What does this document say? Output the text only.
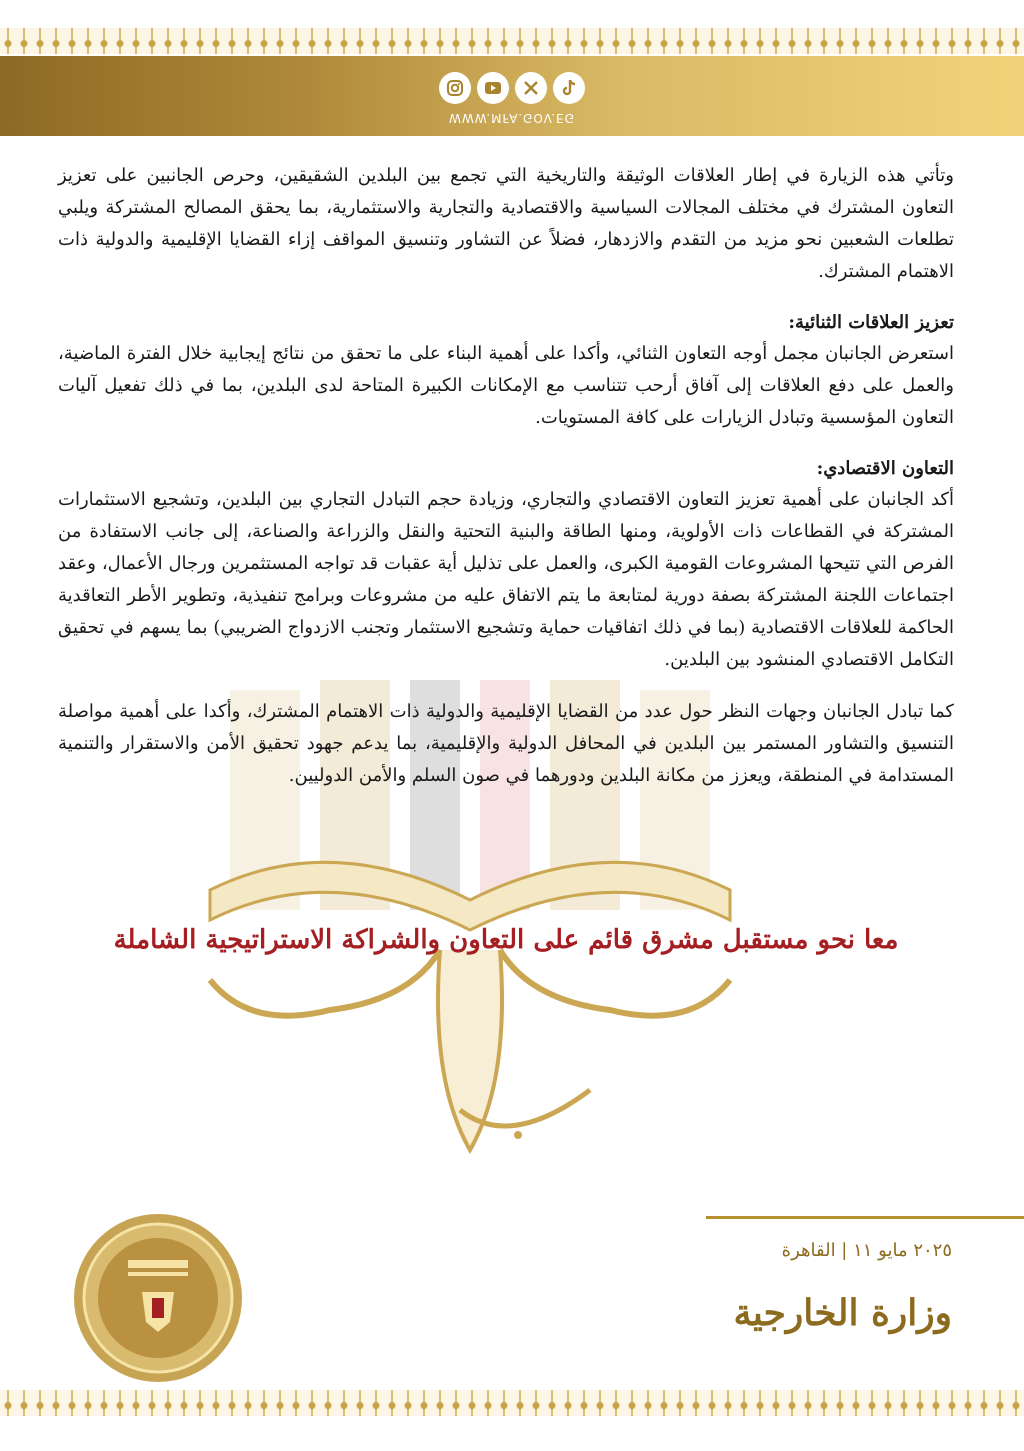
WWW.MFA.GOV.EG

وتأتي هذه الزيارة في إطار العلاقات الوثيقة والتاريخية التي تجمع بين البلدين الشقيقين، وحرص الجانبين على تعزيز التعاون المشترك في مختلف المجالات السياسية والاقتصادية والتجارية والاستثمارية، بما يحقق المصالح المشتركة ويلبي تطلعات الشعبين نحو مزيد من التقدم والازدهار، فضلاً عن التشاور وتنسيق المواقف إزاء القضايا الإقليمية والدولية ذات الاهتمام المشترك.

تعزيز العلاقات الثنائية:

استعرض الجانبان مجمل أوجه التعاون الثنائي، وأكدا على أهمية البناء على ما تحقق من نتائج إيجابية خلال الفترة الماضية، والعمل على دفع العلاقات إلى آفاق أرحب تتناسب مع الإمكانات الكبيرة المتاحة لدى البلدين، بما في ذلك تفعيل آليات التعاون المؤسسية وتبادل الزيارات على كافة المستويات.

التعاون الاقتصادي:

أكد الجانبان على أهمية تعزيز التعاون الاقتصادي والتجاري، وزيادة حجم التبادل التجاري بين البلدين، وتشجيع الاستثمارات المشتركة في القطاعات ذات الأولوية، ومنها الطاقة والبنية التحتية والنقل والزراعة والصناعة، إلى جانب الاستفادة من الفرص التي تتيحها المشروعات القومية الكبرى، والعمل على تذليل أية عقبات قد تواجه المستثمرين ورجال الأعمال، وعقد اجتماعات اللجنة المشتركة بصفة دورية لمتابعة ما يتم الاتفاق عليه من مشروعات وبرامج تنفيذية، وتطوير الأطر التعاقدية الحاكمة للعلاقات الاقتصادية (بما في ذلك اتفاقيات حماية وتشجيع الاستثمار وتجنب الازدواج الضريبي) بما يسهم في تحقيق التكامل الاقتصادي المنشود بين البلدين.

كما تبادل الجانبان وجهات النظر حول عدد من القضايا الإقليمية والدولية ذات الاهتمام المشترك، وأكدا على أهمية مواصلة التنسيق والتشاور المستمر بين البلدين في المحافل الدولية والإقليمية، بما يدعم جهود تحقيق الأمن والاستقرار والتنمية المستدامة في المنطقة، ويعزز من مكانة البلدين ودورهما في صون السلم والأمن الدوليين.

معا نحو مستقبل مشرق قائم على التعاون والشراكة الاستراتيجية الشاملة
٢٠٢٥ مايو ١١ | القاهرة
وزارة الخارجية
